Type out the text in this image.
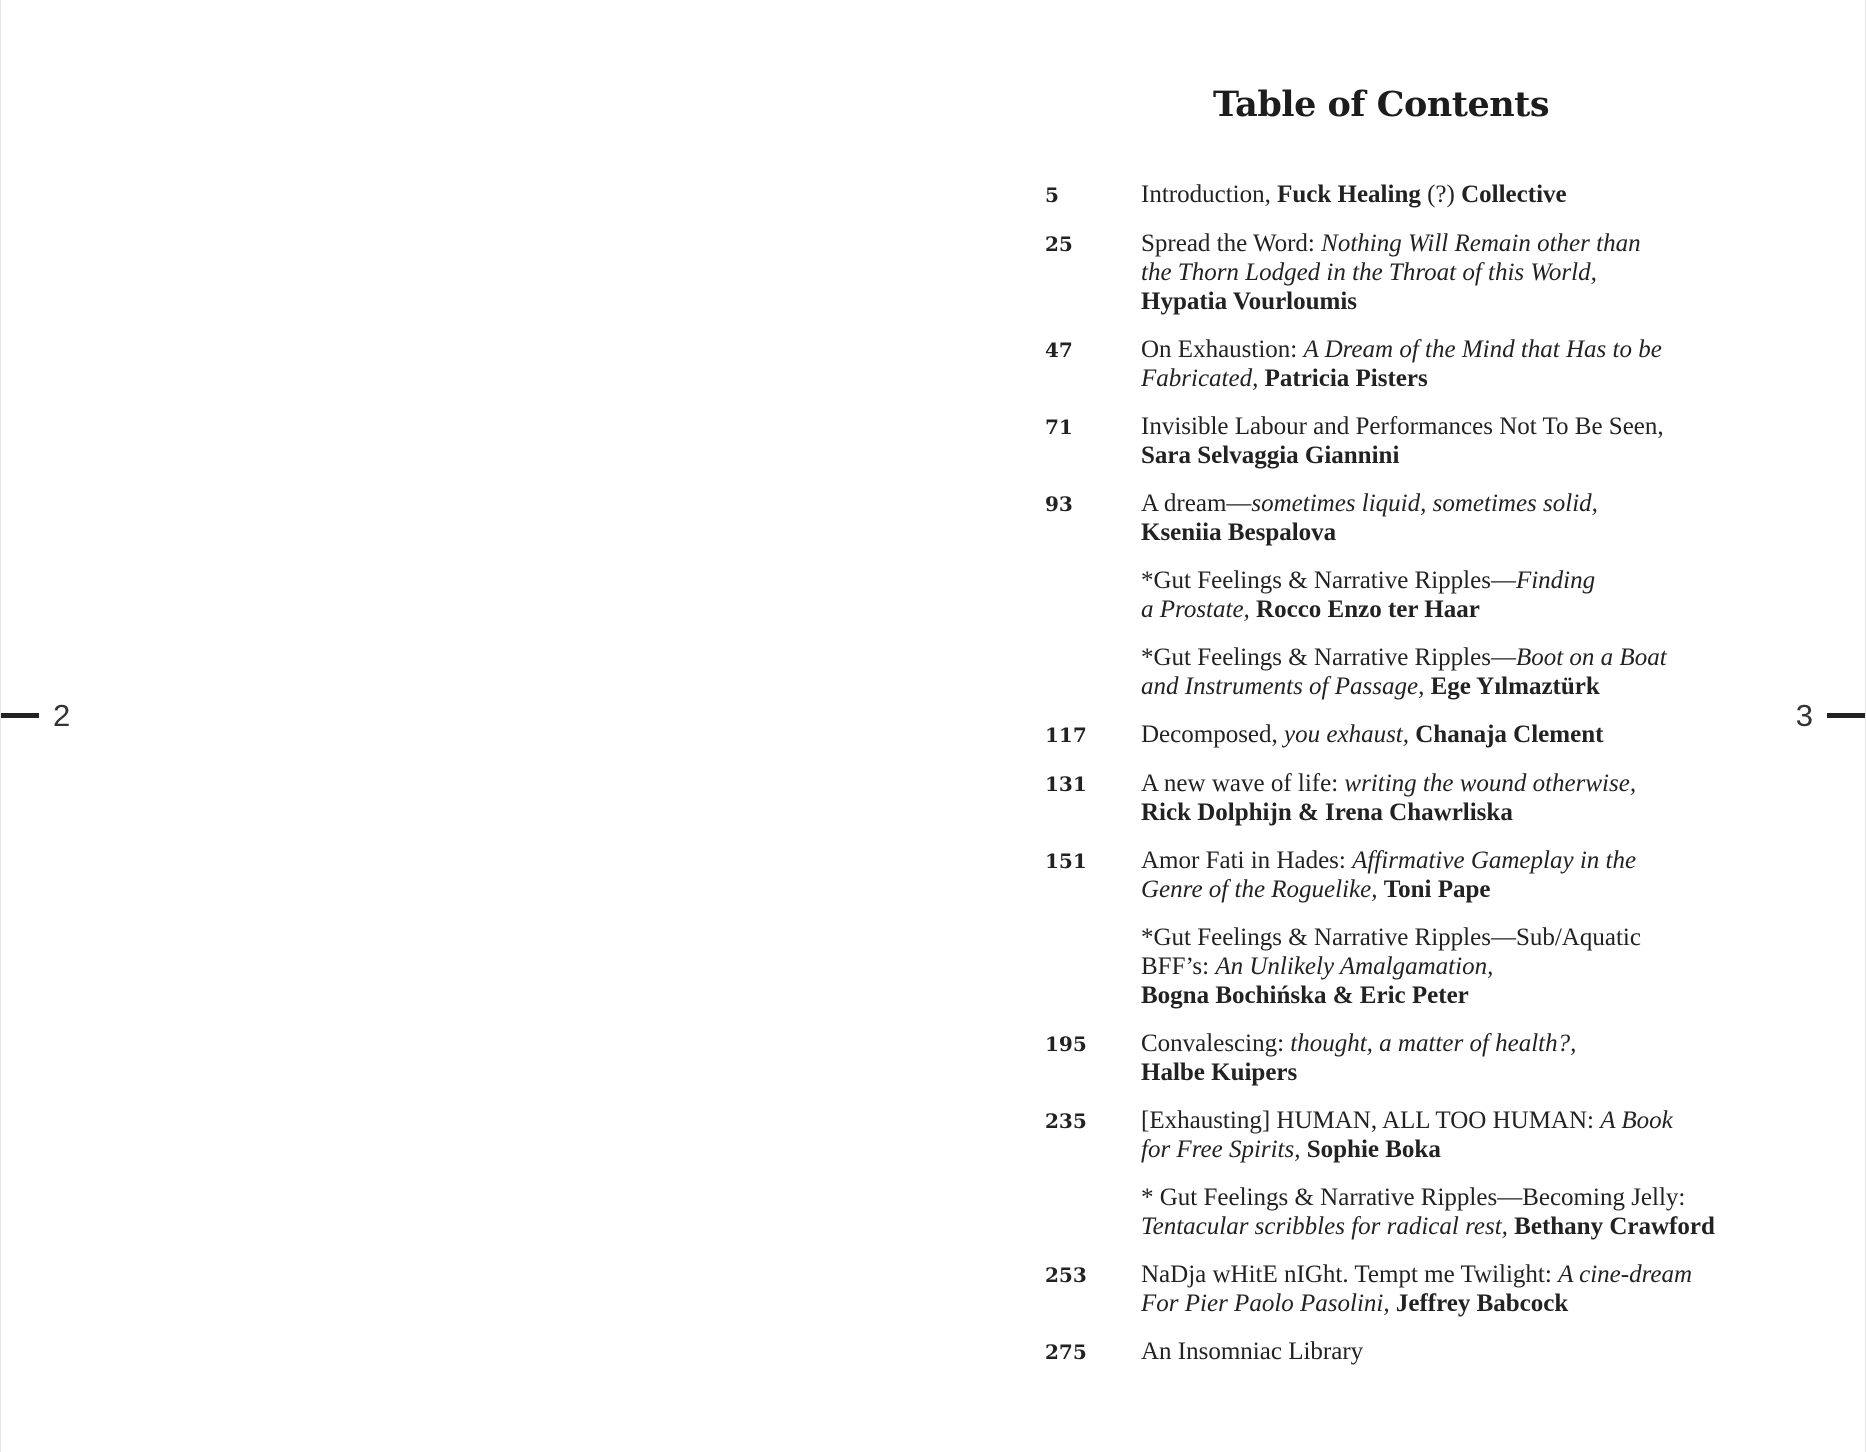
2
Table of Contents
5	Introduction, Fuck Healing (?) Collective
25	Spread the Word: Nothing Will Remain other than
the Thorn Lodged in the Throat of this World,
Hypatia Vourloumis
47	On Exhaustion: A Dream of the Mind that Has to be
Fabricated, Patricia Pisters
71	Invisible Labour and Performances Not To Be Seen,
Sara Selvaggia Giannini
93	A dream—sometimes liquid, sometimes solid,
Kseniia Bespalova
*Gut Feelings & Narrative Ripples—Finding
a Prostate, Rocco Enzo ter Haar
*Gut Feelings & Narrative Ripples—Boot on a Boat
and Instruments of Passage, Ege Yılmaztürk
117	Decomposed, you exhaust, Chanaja Clement
131	A new wave of life: writing the wound otherwise,
Rick Dolphijn & Irena Chawrliska
151	Amor Fati in Hades: Affirmative Gameplay in the
Genre of the Roguelike, Toni Pape
*Gut Feelings & Narrative Ripples—Sub/Aquatic
BFF’s: An Unlikely Amalgamation,
Bogna Bochińska & Eric Peter
195	Convalescing: thought, a matter of health?,
Halbe Kuipers
235	[Exhausting] HUMAN, ALL TOO HUMAN: A Book
for Free Spirits, Sophie Boka
* Gut Feelings & Narrative Ripples—Becoming Jelly:
Tentacular scribbles for radical rest, Bethany Crawford
253	NaDja wHitE nIGht. Tempt me Twilight: A cine-dream
For Pier Paolo Pasolini, Jeffrey Babcock
275	An Insomniac Library
3
